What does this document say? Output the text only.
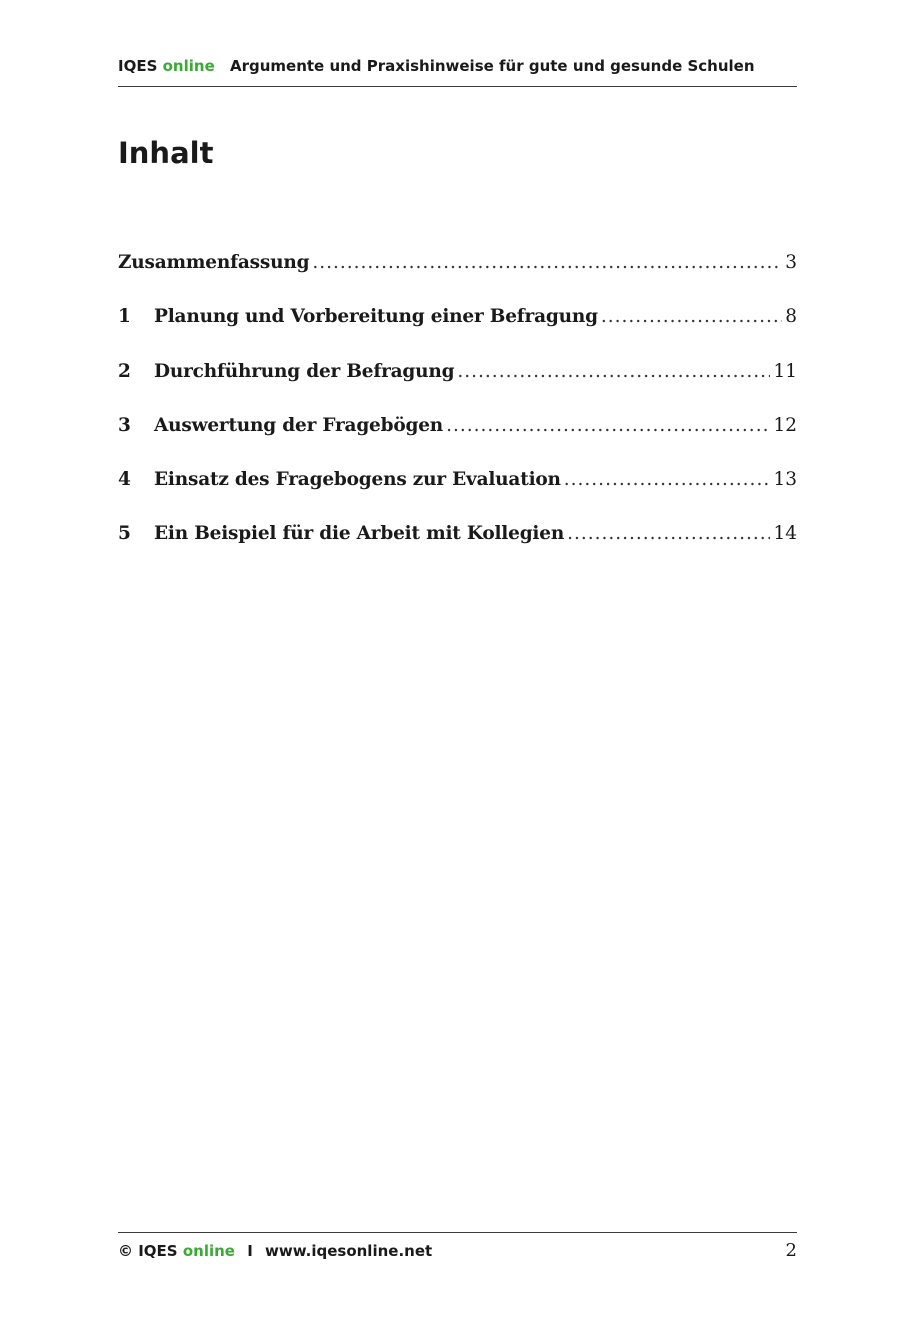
IQES online Argumente und Praxishinweise für gute und gesunde Schulen
Inhalt
Zusammenfassung .....	3
1	Planung und Vorbereitung einer Befragung .....	8
2	Durchführung der Befragung .....	11
3	Auswertung der Fragebögen .....	12
4	Einsatz des Fragebogens zur Evaluation .....	13
5	Ein Beispiel für die Arbeit mit Kollegien .....	14
© IQES online I www.iqesonline.net	2
